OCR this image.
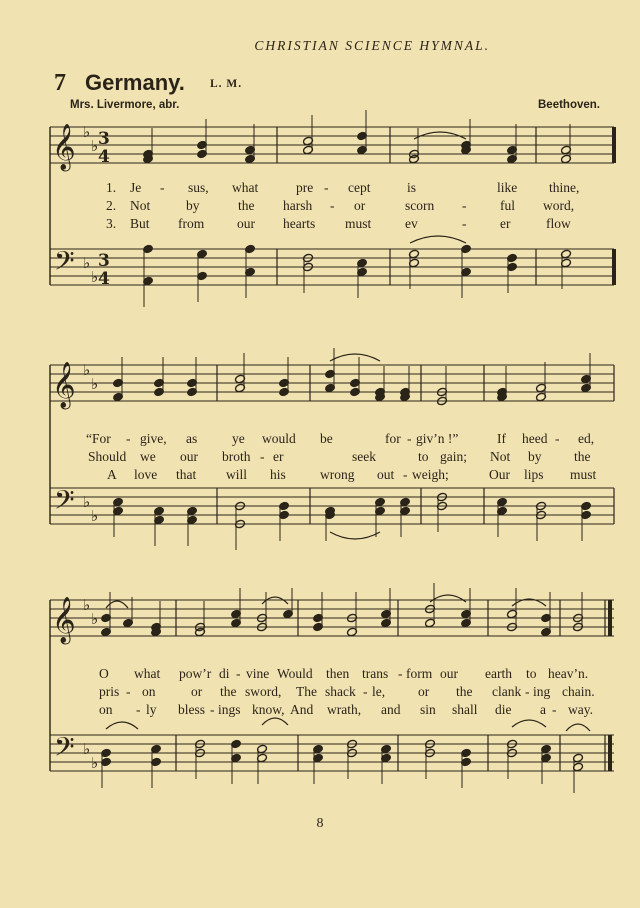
CHRISTIAN SCIENCE HYMNAL.
7 Germany. L. M.
Mrs. Livermore, abr.	Beethoven.
𝄞
𝄢
♭
♭
♭
♭
3
4
3
4
𝄞
𝄢
♭
♭
♭
♭
𝄞
𝄢
♭
♭
♭
♭
1. Je - sus, what	pre - cept	is	like thine,
2. Not	by	the harsh - or	scorn - ful word,
3. But from our hearts must ev	- er	flow
“For - give, as	ye would be	for - giv’n !”	If heed - ed,
Should we our broth - er	seek	to gain; Not by the
A love that will his	wrong out - weigh;	Our lips must
O what pow’r di - vine Would then trans - form our earth to heav’n.
pris - on	or the sword, The shack - le, or the clank - ing chain.
on - ly bless - ings know, And wrath, and sin shall die a - way.
8
